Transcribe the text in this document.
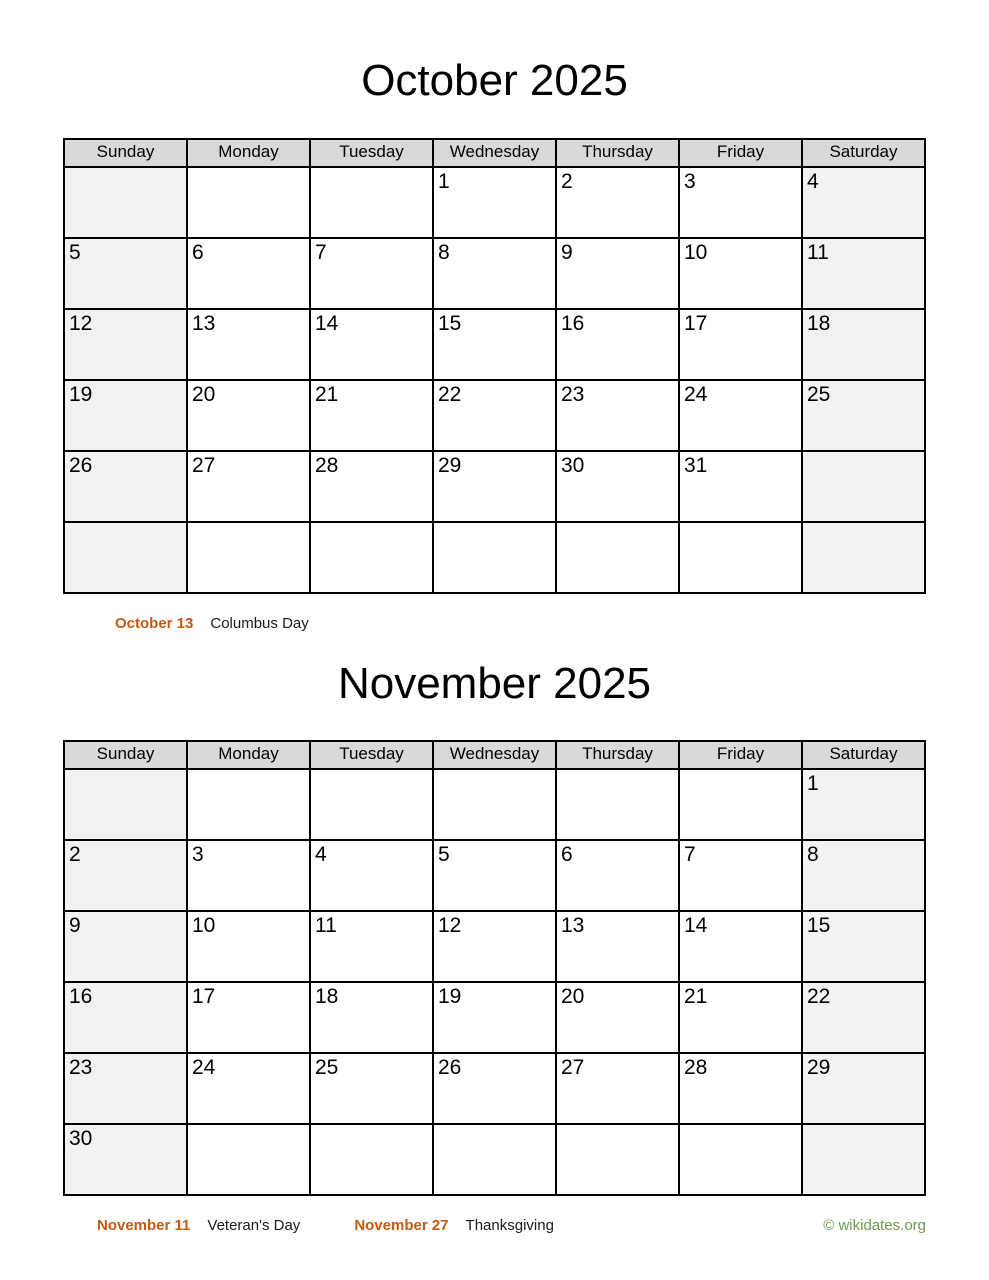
October 2025
Sunday	Monday	Tuesday	Wednesday	Thursday	Friday	Saturday
			1	2	3	4
5	6	7	8	9	10	11
12	13	14	15	16	17	18
19	20	21	22	23	24	25
26	27	28	29	30	31	

October 13 Columbus Day
November 2025
Sunday	Monday	Tuesday	Wednesday	Thursday	Friday	Saturday
						1
2	3	4	5	6	7	8
9	10	11	12	13	14	15
16	17	18	19	20	21	22
23	24	25	26	27	28	29
30						
November 11 Veteran's Day	November 27 Thanksgiving	© wikidates.org
